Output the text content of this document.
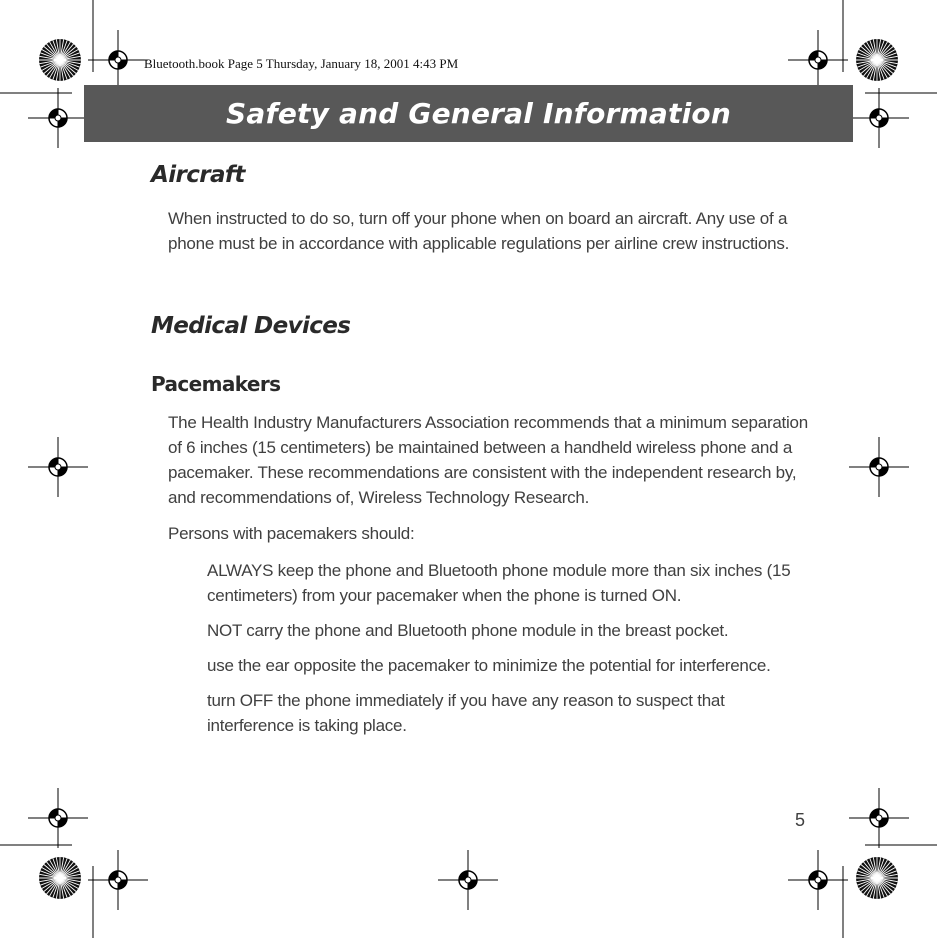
Bluetooth.book Page 5 Thursday, January 18, 2001 4:43 PM
Safety and General Information
Aircraft

When instructed to do so, turn off your phone when on board an aircraft. Any use of a phone must be in accordance with applicable regulations per airline crew instructions.

Medical Devices
Pacemakers

The Health Industry Manufacturers Association recommends that a minimum separation of 6 inches (15 centimeters) be maintained between a handheld wireless phone and a pacemaker. These recommendations are consistent with the independent research by, and recommendations of, Wireless Technology Research.

Persons with pacemakers should:

ALWAYS keep the phone and Bluetooth phone module more than six inches (15 centimeters) from your pacemaker when the phone is turned ON.
NOT carry the phone and Bluetooth phone module in the breast pocket.
use the ear opposite the pacemaker to minimize the potential for interference.
turn OFF the phone immediately if you have any reason to suspect that interference is taking place.
5
